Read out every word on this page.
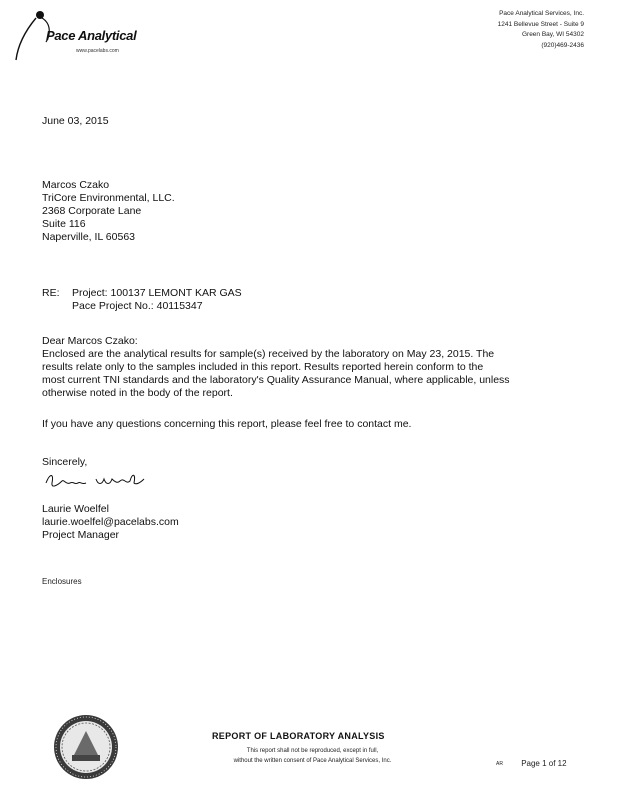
Pace Analytical
www.pacelabs.com
Pace Analytical Services, Inc.
1241 Bellevue Street - Suite 9
Green Bay, WI 54302
(920)469-2436
June 03, 2015
Marcos Czako
TriCore Environmental, LLC.
2368 Corporate Lane
Suite 116
Naperville, IL 60563
RE: Project: 100137 LEMONT KAR GAS
Pace Project No.: 40115347
Dear Marcos Czako:
Enclosed are the analytical results for sample(s) received by the laboratory on May 23, 2015. The
results relate only to the samples included in this report. Results reported herein conform to the
most current TNI standards and the laboratory's Quality Assurance Manual, where applicable, unless
otherwise noted in the body of the report.
If you have any questions concerning this report, please feel free to contact me.
Sincerely,
Laurie Woelfel
laurie.woelfel@pacelabs.com
Project Manager
Enclosures
REPORT OF LABORATORY ANALYSIS
This report shall not be reproduced, except in full,
without the written consent of Pace Analytical Services, Inc.	AR Page 1 of 12
